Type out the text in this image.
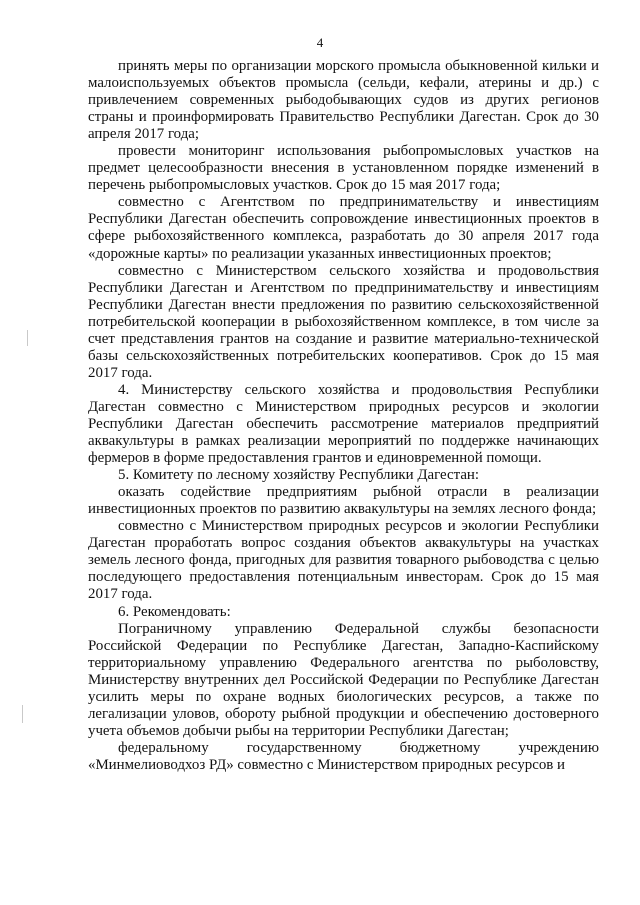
4

принять меры по организации морского промысла обыкновенной кильки и малоиспользуемых объектов промысла (сельди, кефали, атерины и др.) с привлечением современных рыбодобывающих судов из других регионов страны и проинформировать Правительство Республики Дагестан. Срок до 30 апреля 2017 года;

провести мониторинг использования рыбопромысловых участков на предмет целесообразности внесения в установленном порядке изменений в перечень рыбопромысловых участков. Срок до 15 мая 2017 года;

совместно с Агентством по предпринимательству и инвестициям Республики Дагестан обеспечить сопровождение инвестиционных проектов в сфере рыбохозяйственного комплекса, разработать до 30 апреля 2017 года «дорожные карты» по реализации указанных инвестиционных проектов;

совместно с Министерством сельского хозяйства и продовольствия Республики Дагестан и Агентством по предпринимательству и инвестициям Республики Дагестан внести предложения по развитию сельскохозяйственной потребительской кооперации в рыбохозяйственном комплексе, в том числе за счет представления грантов на создание и развитие материально-технической базы сельскохозяйственных потребительских кооперативов. Срок до 15 мая 2017 года.

4. Министерству сельского хозяйства и продовольствия Республики Дагестан совместно с Министерством природных ресурсов и экологии Республики Дагестан обеспечить рассмотрение материалов предприятий аквакультуры в рамках реализации мероприятий по поддержке начинающих фермеров в форме предоставления грантов и единовременной помощи.

5. Комитету по лесному хозяйству Республики Дагестан:

оказать содействие предприятиям рыбной отрасли в реализации инвестиционных проектов по развитию аквакультуры на землях лесного фонда;

совместно с Министерством природных ресурсов и экологии Республики Дагестан проработать вопрос создания объектов аквакультуры на участках земель лесного фонда, пригодных для развития товарного рыбоводства с целью последующего предоставления потенциальным инвесторам. Срок до 15 мая 2017 года.

6. Рекомендовать:

Пограничному управлению Федеральной службы безопасности Российской Федерации по Республике Дагестан, Западно-Каспийскому территориальному управлению Федерального агентства по рыболовству, Министерству внутренних дел Российской Федерации по Республике Дагестан усилить меры по охране водных биологических ресурсов, а также по легализации уловов, обороту рыбной продукции и обеспечению достоверного учета объемов добычи рыбы на территории Республики Дагестан;

федеральному государственному бюджетному учреждению «Минмелиоводхоз РД» совместно с Министерством природных ресурсов и
